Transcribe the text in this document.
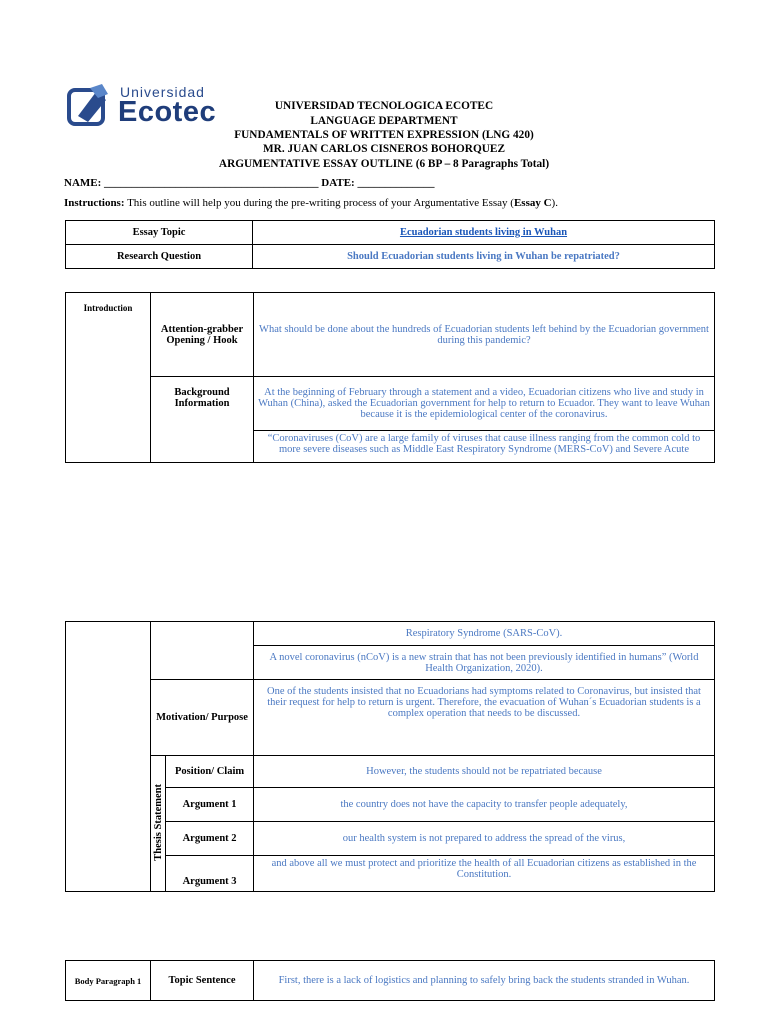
Universidad
Ecotec	UNIVERSIDAD TECNOLOGICA ECOTEC
LANGUAGE DEPARTMENT
FUNDAMENTALS OF WRITTEN EXPRESSION (LNG 420)
MR. JUAN CARLOS CISNEROS BOHORQUEZ
ARGUMENTATIVE ESSAY OUTLINE (6 BP – 8 Paragraphs Total)
NAME: _______________________________________ DATE: ______________
Instructions: This outline will help you during the pre-writing process of your Argumentative Essay (Essay C).
Essay Topic	Ecuadorian students living in Wuhan
Research Question	Should Ecuadorian students living in Wuhan be repatriated?
Introduction	Attention-grabber Opening / Hook	What should be done about the hundreds of Ecuadorian students left behind by the Ecuadorian government during this pandemic?
	Background Information	At the beginning of February through a statement and a video, Ecuadorian citizens who live and study in Wuhan (China), asked the Ecuadorian government for help to return to Ecuador. They want to leave Wuhan because it is the epidemiological center of the coronavirus.
		“Coronaviruses (CoV) are a large family of viruses that cause illness ranging from the common cold to more severe diseases such as Middle East Respiratory Syndrome (MERS-CoV) and Severe Acute
			Respiratory Syndrome (SARS-CoV).
			A novel coronavirus (nCoV) is a new strain that has not been previously identified in humans” (World Health Organization, 2020).
	Motivation/ Purpose		One of the students insisted that no Ecuadorians had symptoms related to Coronavirus, but insisted that their request for help to return is urgent. Therefore, the evacuation of Wuhan´s Ecuadorian students is a complex operation that needs to be discussed.
	Thesis Statement	Position/ Claim	However, the students should not be repatriated because
		Argument 1	the country does not have the capacity to transfer people adequately,
		Argument 2	our health system is not prepared to address the spread of the virus,
		Argument 3	and above all we must protect and prioritize the health of all Ecuadorian citizens as established in the Constitution.
Body Paragraph 1	Topic Sentence	First, there is a lack of logistics and planning to safely bring back the students stranded in Wuhan.
